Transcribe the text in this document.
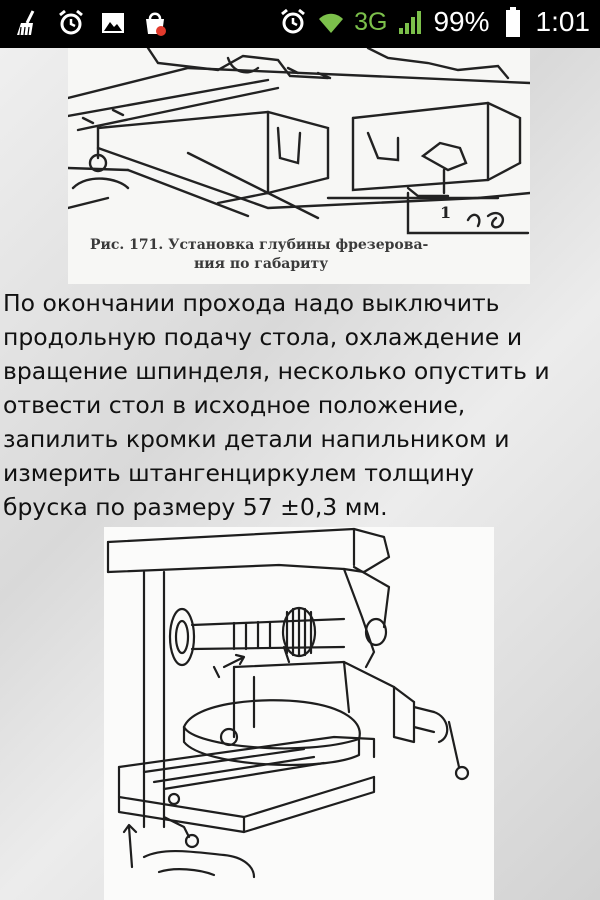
3G 99% 1:01
1
Рис. 171. Установка глубины фрезерова-
ния по габариту
По окончании прохода надо выключить
продольную подачу стола, охлаждение и
вращение шпинделя, несколько опустить и
отвести стол в исходное положение,
запилить кромки детали напильником и
измерить штангенциркулем толщину
бруска по размеру 57 ±0,3 мм.
